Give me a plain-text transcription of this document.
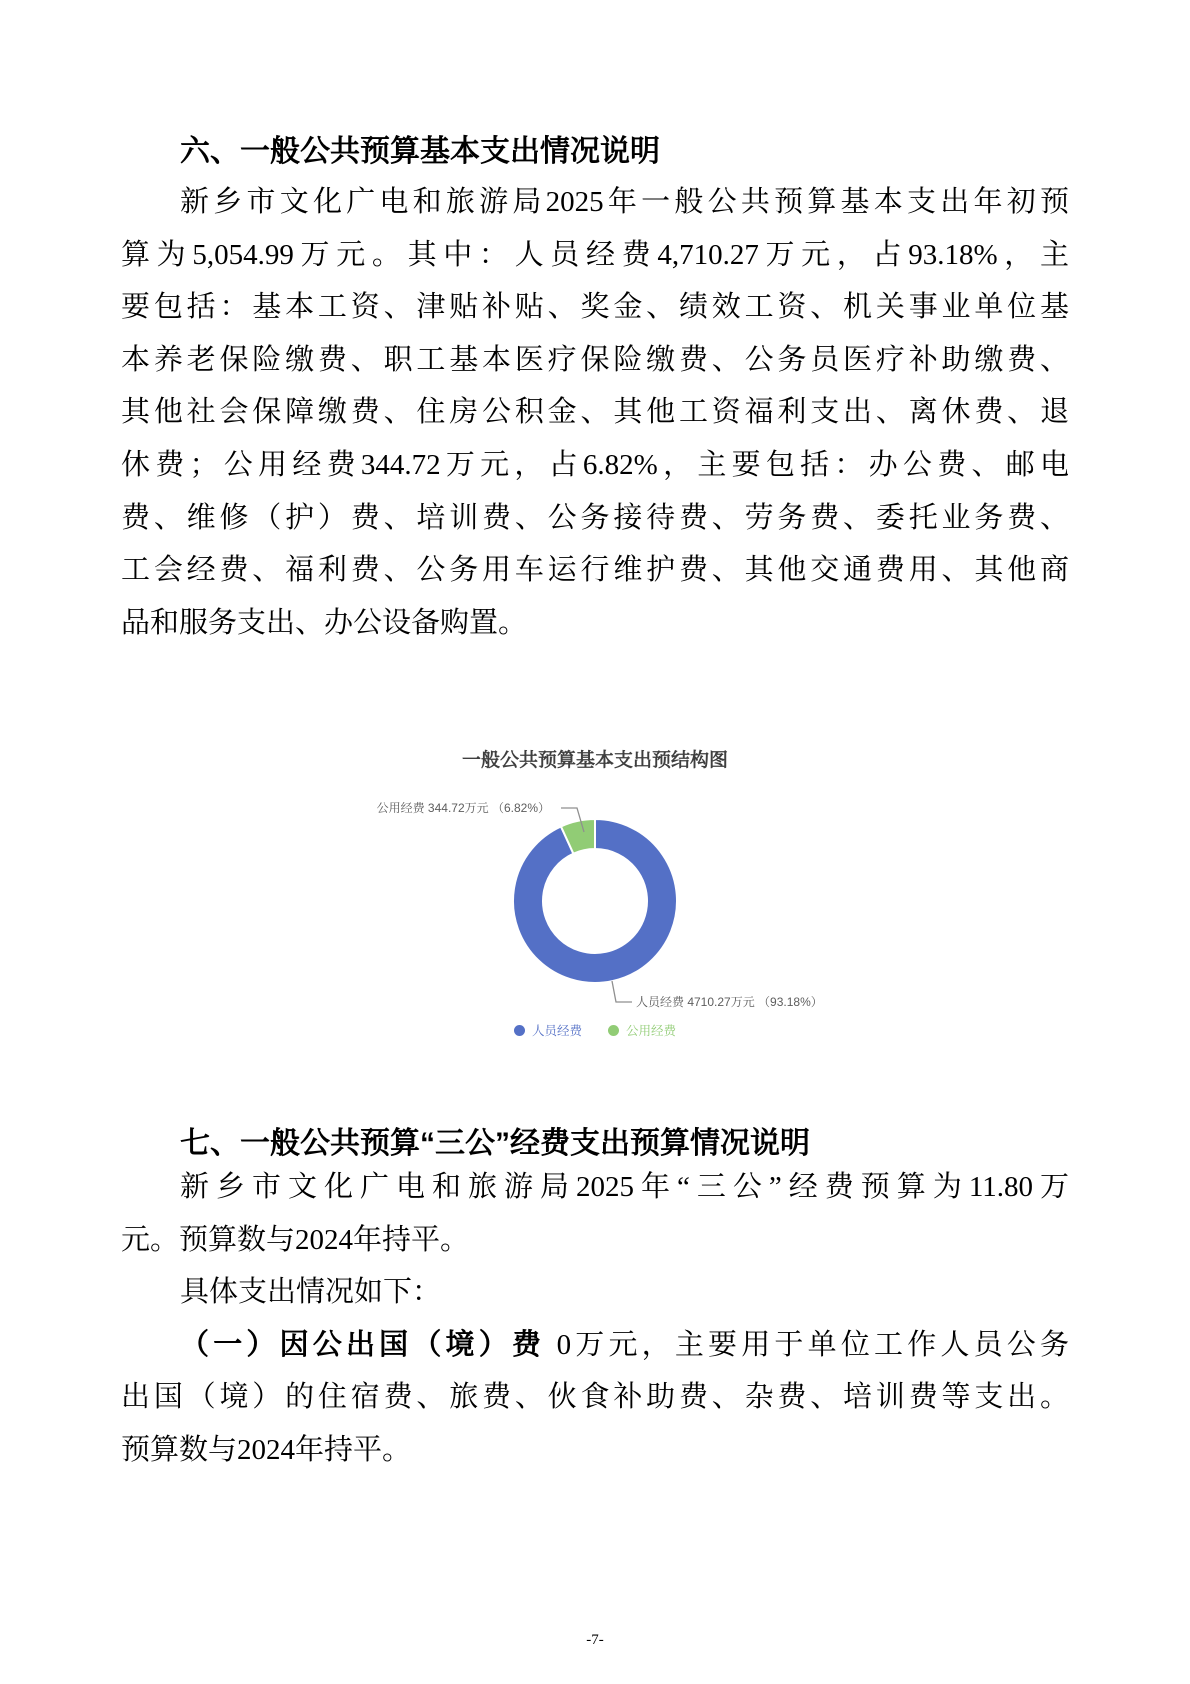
六、一般公共预算基本支出情况说明
新乡市文化广电和旅游局2025年一般公共预算基本支出年初预
算为5,054.99万元。其中：人员经费4,710.27万元，占93.18%，主
要包括：基本工资、津贴补贴、奖金、绩效工资、机关事业单位基
本养老保险缴费、职工基本医疗保险缴费、公务员医疗补助缴费、
其他社会保障缴费、住房公积金、其他工资福利支出、离休费、退
休费；公用经费344.72万元，占6.82%，主要包括：办公费、邮电
费、维修（护）费、培训费、公务接待费、劳务费、委托业务费、
工会经费、福利费、公务用车运行维护费、其他交通费用、其他商
品和服务支出、办公设备购置。
一般公共预算基本支出预结构图
公用经费 344.72万元 （6.82%）
人员经费 4710.27万元 （93.18%）
人员经费	公用经费
七、一般公共预算“三公”经费支出预算情况说明
新乡市文化广电和旅游局2025年“三公”经费预算为11.80万
元。预算数与2024年持平。
具体支出情况如下：
（一）因公出国（境）费 0万元，主要用于单位工作人员公务
出国（境）的住宿费、旅费、伙食补助费、杂费、培训费等支出。
预算数与2024年持平。
-7-
